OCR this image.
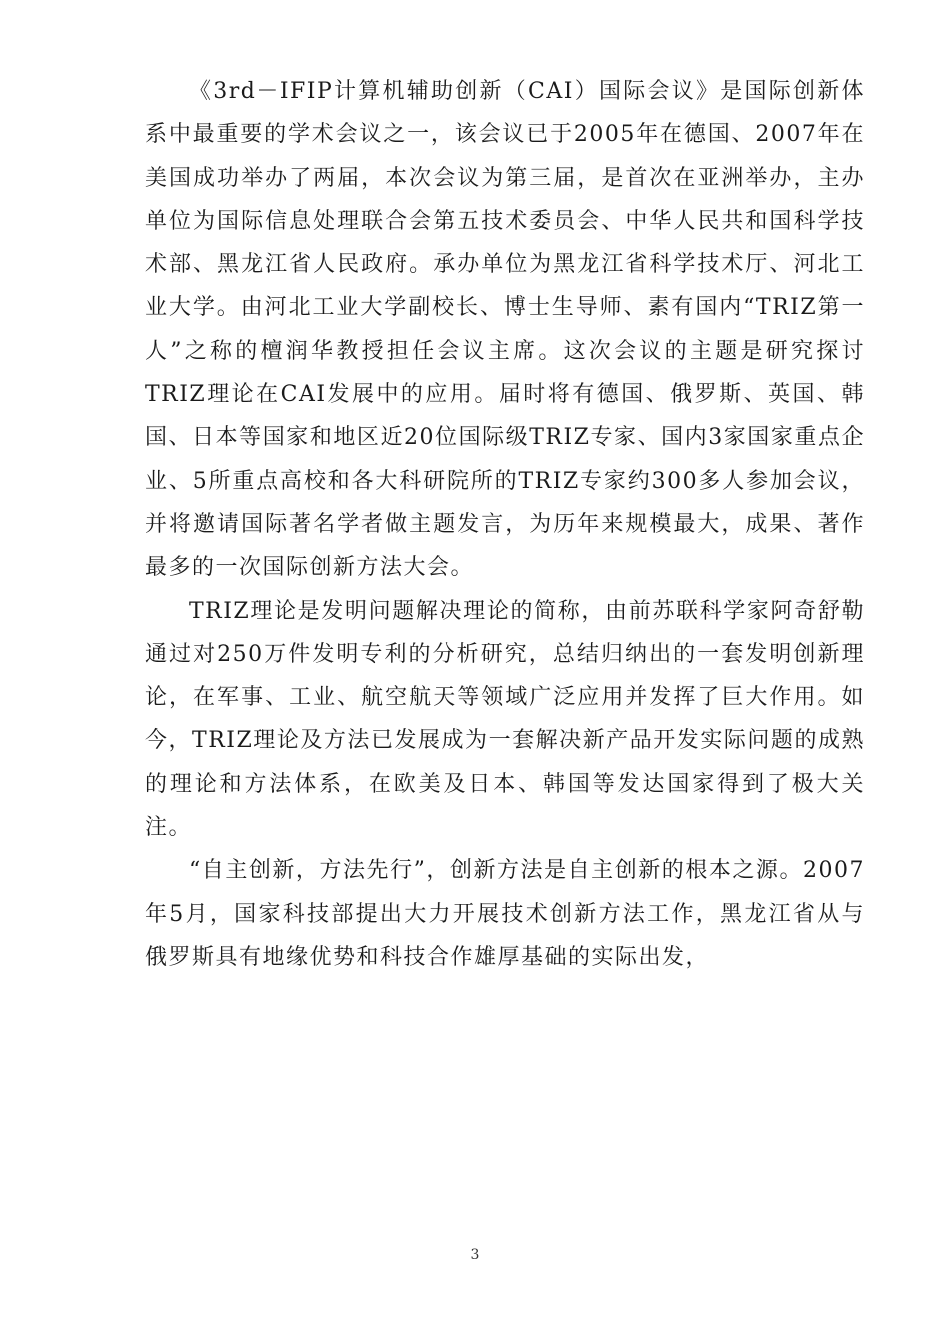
《3rd－IFIP计算机辅助创新（CAI）国际会议》是国际创新体系中最重要的学术会议之一，该会议已于2005年在德国、2007年在美国成功举办了两届，本次会议为第三届，是首次在亚洲举办，主办单位为国际信息处理联合会第五技术委员会、中华人民共和国科学技术部、黑龙江省人民政府。承办单位为黑龙江省科学技术厅、河北工业大学。由河北工业大学副校长、博士生导师、素有国内“TRIZ第一人”之称的檀润华教授担任会议主席。这次会议的主题是研究探讨TRIZ理论在CAI发展中的应用。届时将有德国、俄罗斯、英国、韩国、日本等国家和地区近20位国际级TRIZ专家、国内3家国家重点企业、5所重点高校和各大科研院所的TRIZ专家约300多人参加会议，并将邀请国际著名学者做主题发言，为历年来规模最大，成果、著作最多的一次国际创新方法大会。

TRIZ理论是发明问题解决理论的简称，由前苏联科学家阿奇舒勒通过对250万件发明专利的分析研究，总结归纳出的一套发明创新理论，在军事、工业、航空航天等领域广泛应用并发挥了巨大作用。如今，TRIZ理论及方法已发展成为一套解决新产品开发实际问题的成熟的理论和方法体系，在欧美及日本、韩国等发达国家得到了极大关注。

“自主创新，方法先行”，创新方法是自主创新的根本之源。2007年5月，国家科技部提出大力开展技术创新方法工作，黑龙江省从与俄罗斯具有地缘优势和科技合作雄厚基础的实际出发，

3
